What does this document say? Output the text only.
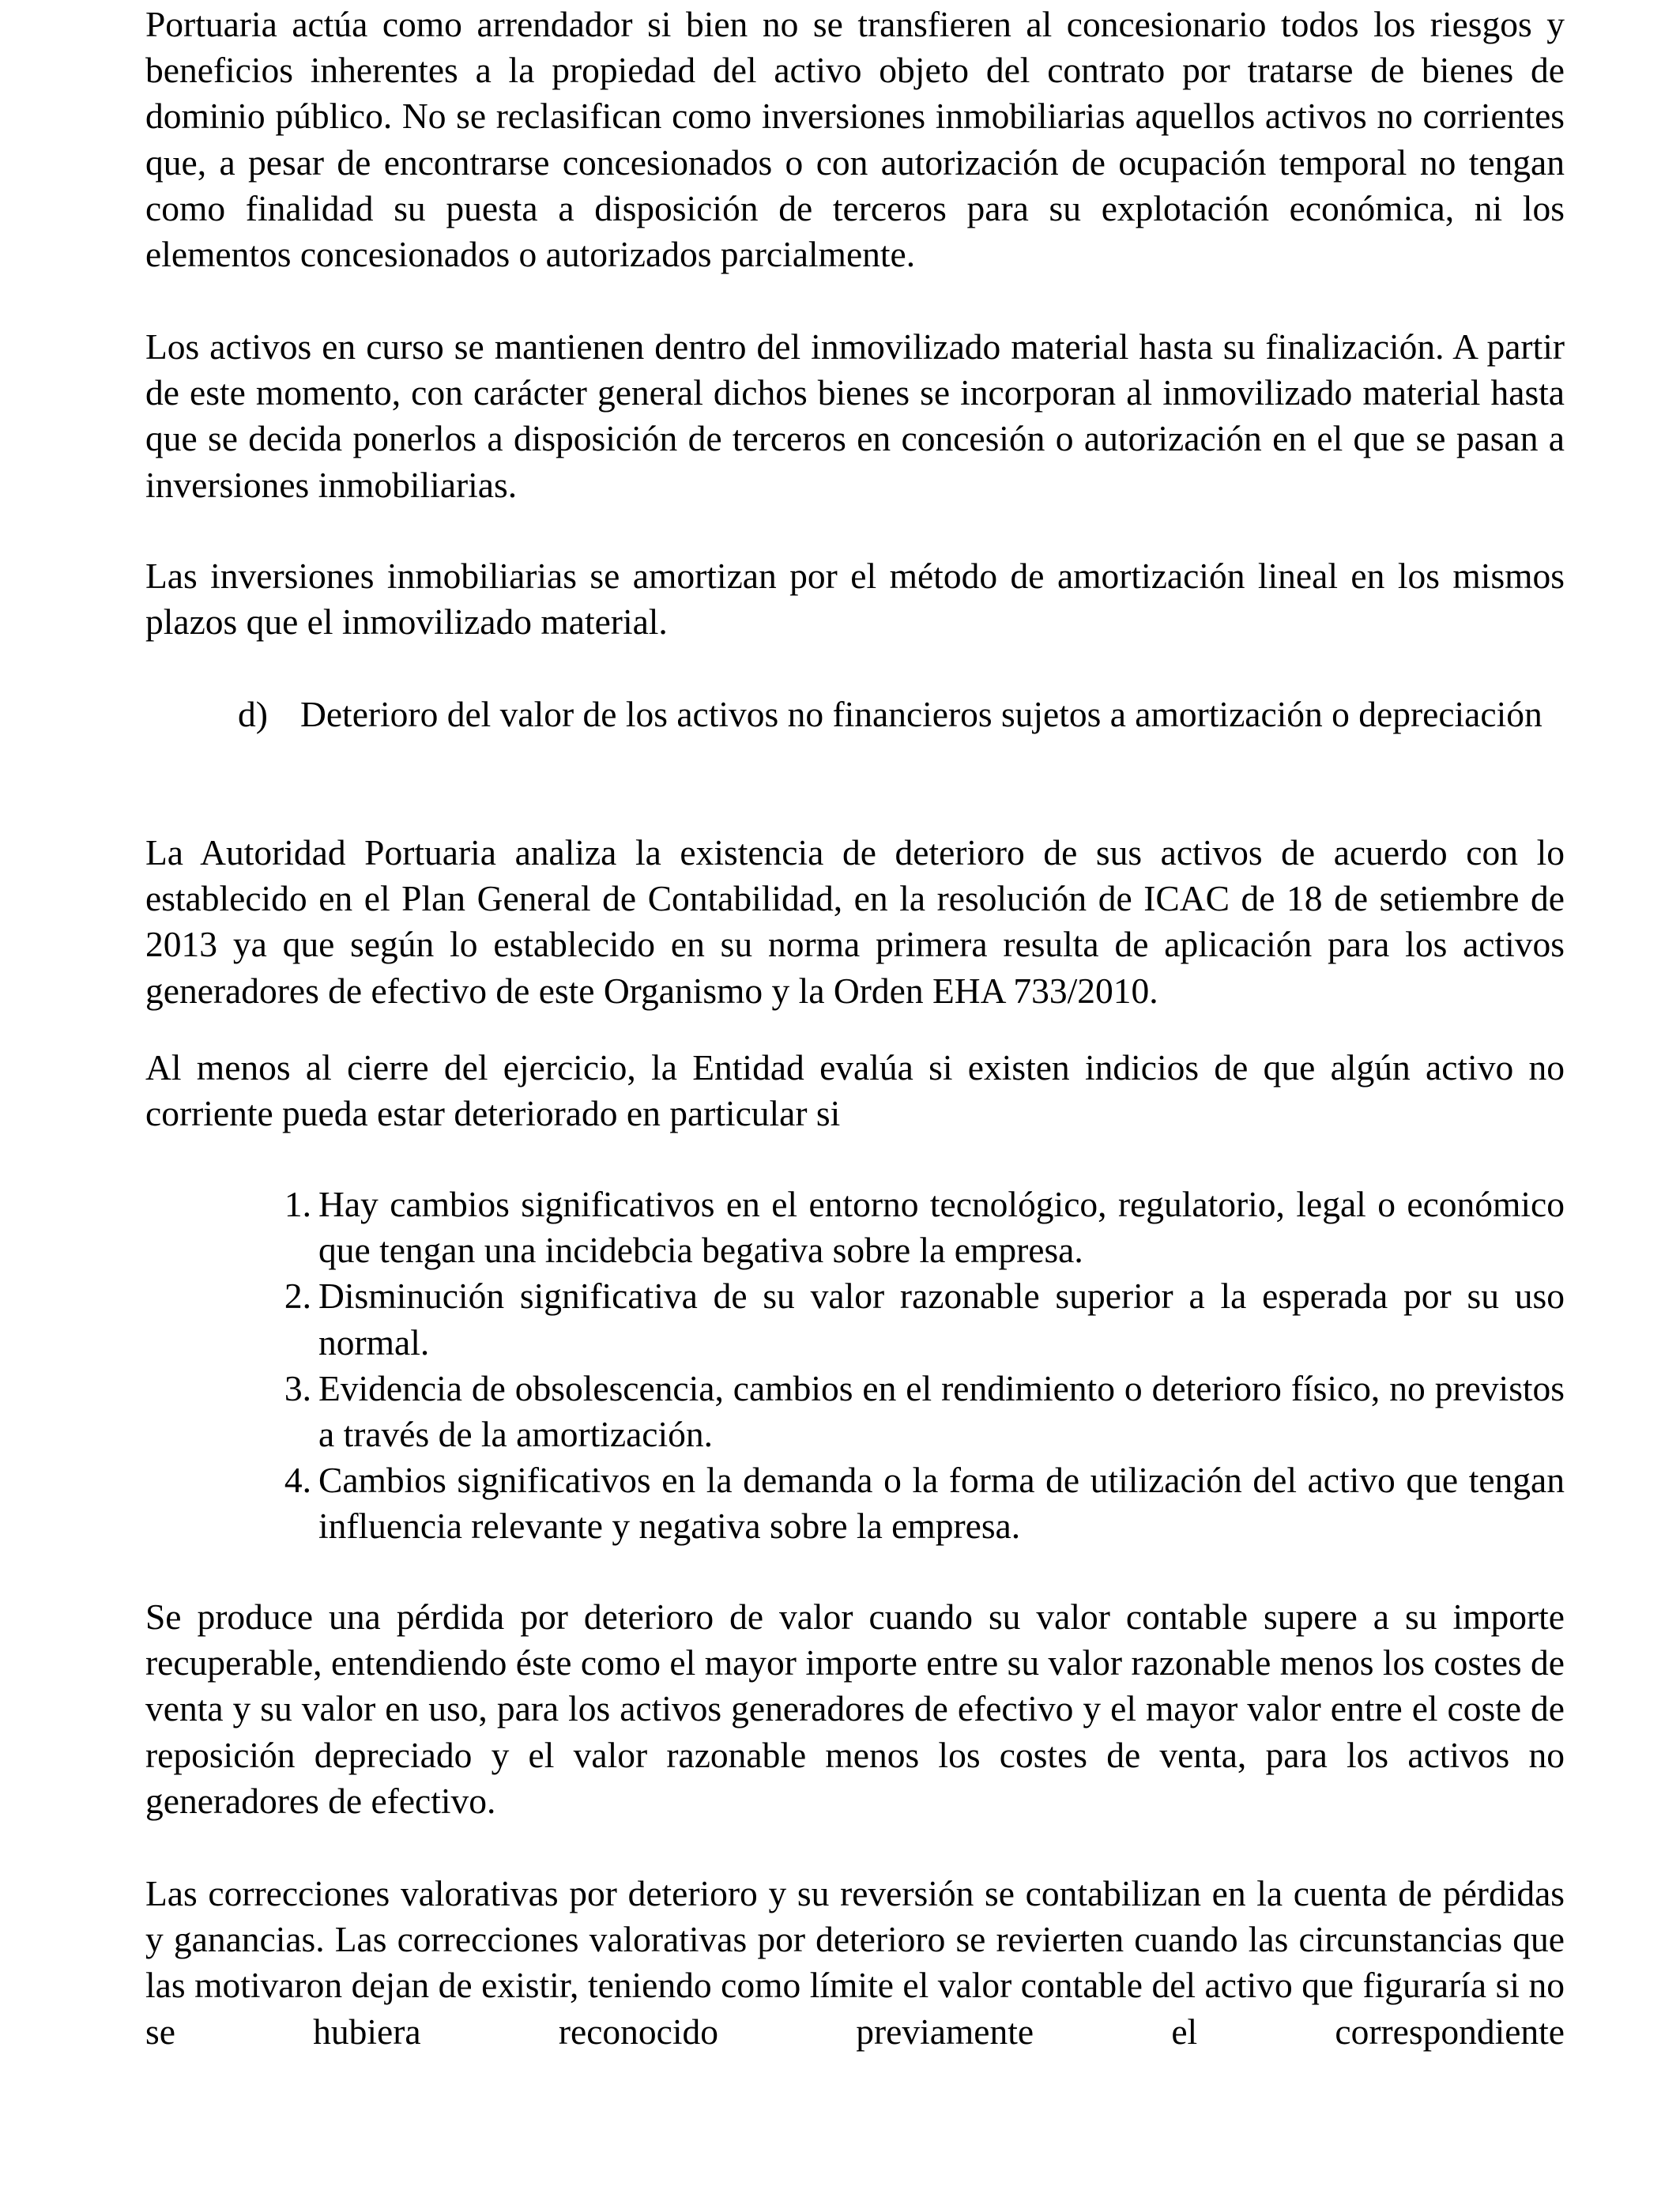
Portuaria actúa como arrendador si bien no se transfieren al concesionario todos los riesgos y beneficios inherentes a la propiedad del activo objeto del contrato por tratarse de bienes de dominio público. No se reclasifican como inversiones inmobiliarias aquellos activos no corrientes que, a pesar de encontrarse concesionados o con autorización de ocupación temporal no tengan como finalidad su puesta a disposición de terceros para su explotación económica, ni los elementos concesionados o autorizados parcialmente.

Los activos en curso se mantienen dentro del inmovilizado material hasta su finalización. A partir de este momento, con carácter general dichos bienes se incorporan al inmovilizado material hasta que se decida ponerlos a disposición de terceros en concesión o autorización en el que se pasan a inversiones inmobiliarias.

Las inversiones inmobiliarias se amortizan por el método de amortización lineal en los mismos plazos que el inmovilizado material.

d) Deterioro del valor de los activos no financieros sujetos a amortización o depreciación

La Autoridad Portuaria analiza la existencia de deterioro de sus activos de acuerdo con lo establecido en el Plan General de Contabilidad, en la resolución de ICAC de 18 de setiembre de 2013 ya que según lo establecido en su norma primera resulta de aplicación para los activos generadores de efectivo de este Organismo y la Orden EHA 733/2010.

Al menos al cierre del ejercicio, la Entidad evalúa si existen indicios de que algún activo no corriente pueda estar deteriorado en particular si

1. Hay cambios significativos en el entorno tecnológico, regulatorio, legal o económico que tengan una incidebcia begativa sobre la empresa.
2. Disminución significativa de su valor razonable superior a la esperada por su uso normal.
3. Evidencia de obsolescencia, cambios en el rendimiento o deterioro físico, no previstos a través de la amortización.
4. Cambios significativos en la demanda o la forma de utilización del activo que tengan influencia relevante y negativa sobre la empresa.

Se produce una pérdida por deterioro de valor cuando su valor contable supere a su importe recuperable, entendiendo éste como el mayor importe entre su valor razonable menos los costes de venta y su valor en uso, para los activos generadores de efectivo y el mayor valor entre el coste de reposición depreciado y el valor razonable menos los costes de venta, para los activos no generadores de efectivo.

Las correcciones valorativas por deterioro y su reversión se contabilizan en la cuenta de pérdidas y ganancias. Las correcciones valorativas por deterioro se revierten cuando las circunstancias que las motivaron dejan de existir, teniendo como límite el valor contable del activo que figuraría si no se hubiera reconocido previamente el correspondiente
